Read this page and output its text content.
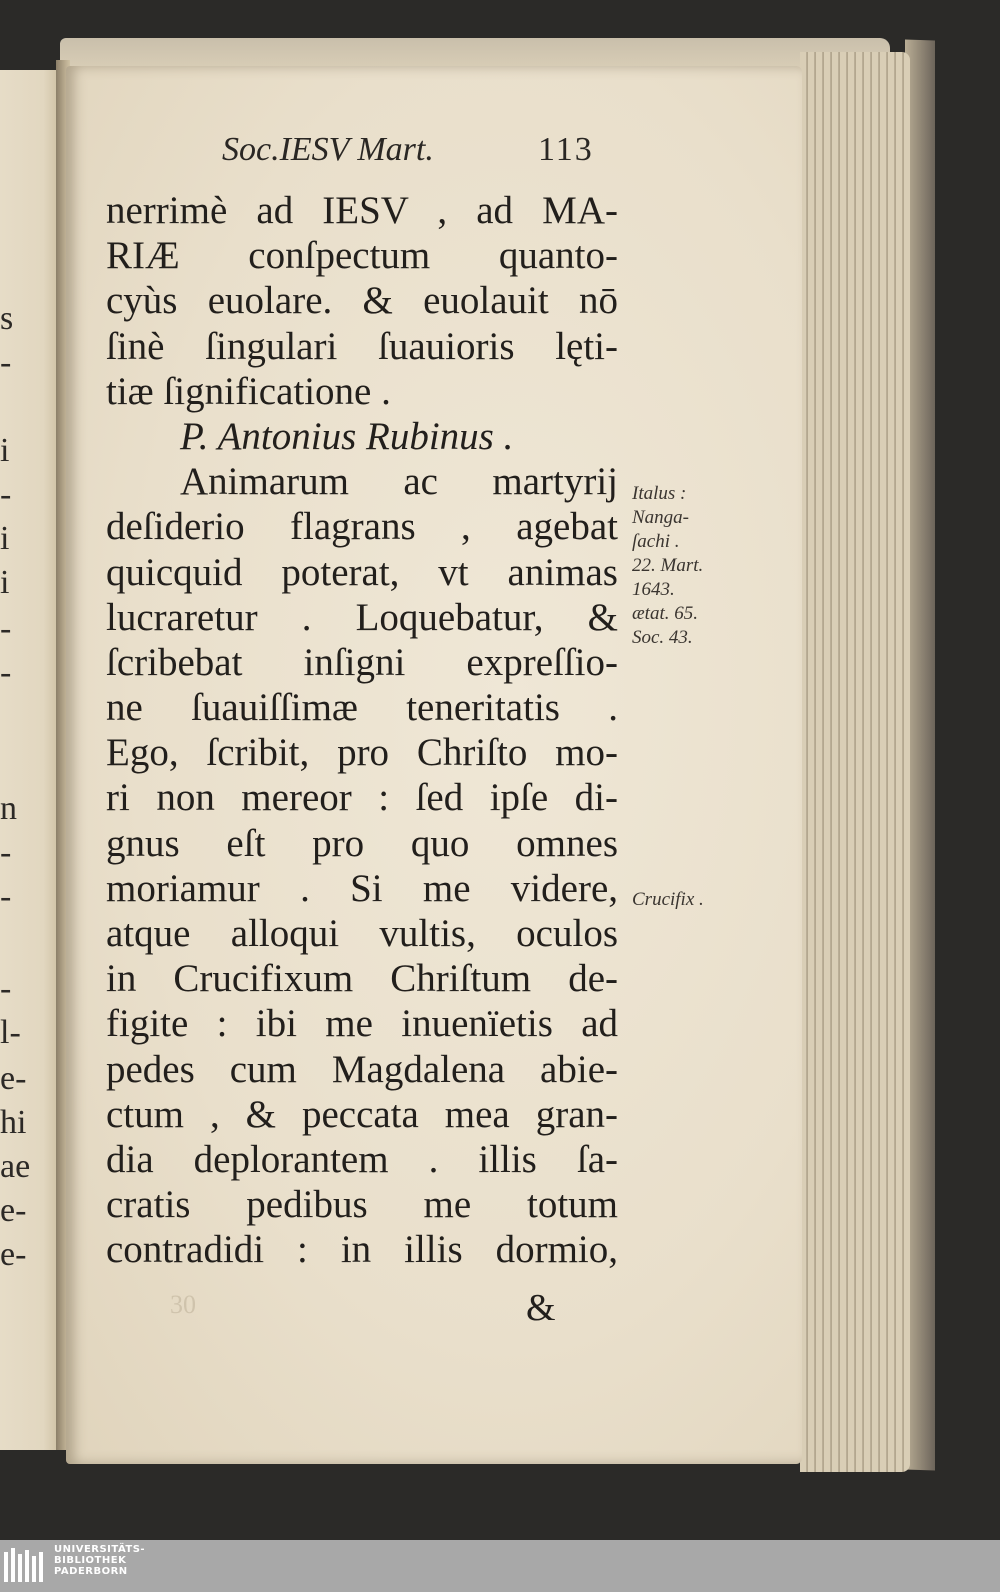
s
-
i
-
i
i
-
-
n
-
-
-
l-
e-
hi
ae
e-
e-
Soc.IESV Mart.	113
nerrimè ad IESV , ad MA-
RIÆ conſpectum quanto-
cyùs euolare. & euolauit nō
ſinè ſingulari ſuauioris lęti-
tiæ ſignificatione .
P. Antonius Rubinus .
Animarum ac martyrij
deſiderio flagrans , agebat
quicquid poterat, vt animas
lucraretur . Loquebatur, &
ſcribebat inſigni expreſſio-
ne ſuauiſſimæ teneritatis .
Ego, ſcribit, pro Chriſto mo-
ri non mereor : ſed ipſe di-
gnus eſt pro quo omnes
moriamur . Si me videre,
atque alloqui vultis, oculos
in Crucifixum Chriſtum de-
figite : ibi me inuenïetis ad
pedes cum Magdalena abie-
ctum , & peccata mea gran-
dia deplorantem . illis ſa-
cratis pedibus me totum
contradidi : in illis dormio,
Italus :
Nanga-
ſachi .
22. Mart.
1643.
ætat. 65.
Soc. 43.
Crucifix .
30	&
UNIVERSITÄTS-
BIBLIOTHEK
PADERBORN
